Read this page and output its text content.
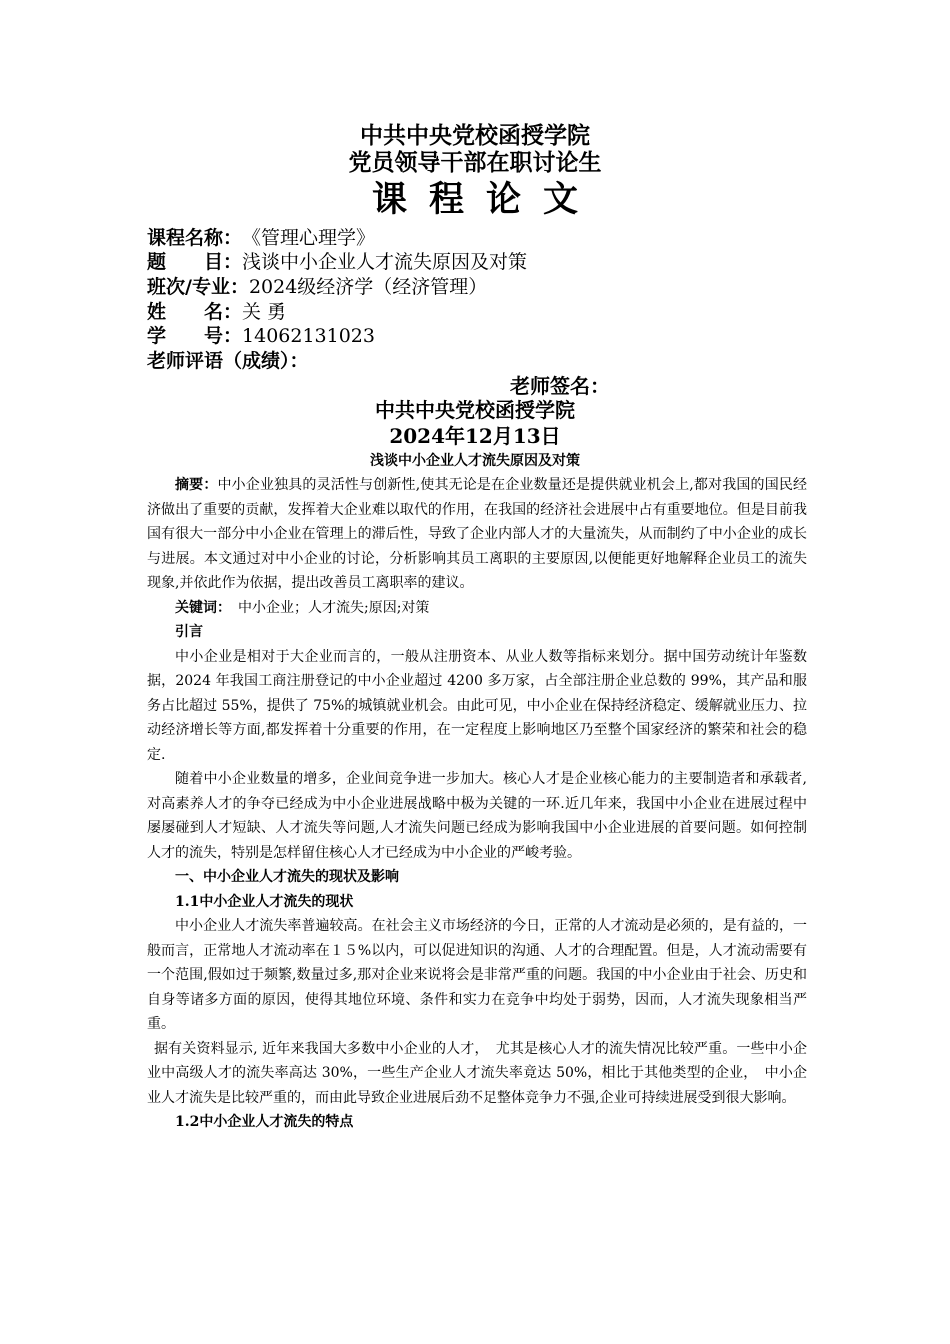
中共中央党校函授学院
党员领导干部在职讨论生
课程论文
课程名称：《管理心理学》
题　　目：浅谈中小企业人才流失原因及对策
班次/专业：2024级经济学（经济管理）
姓　　名：关 勇
学　　号：14062131023
老师评语（成绩）：
老师签名：
中共中央党校函授学院
2024年12月13日
浅谈中小企业人才流失原因及对策

摘要：中小企业独具的灵活性与创新性,使其无论是在企业数量还是提供就业机会上,都对我国的国民经济做出了重要的贡献，发挥着大企业难以取代的作用，在我国的经济社会进展中占有重要地位。但是目前我国有很大一部分中小企业在管理上的滞后性，导致了企业内部人才的大量流失，从而制约了中小企业的成长与进展。本文通过对中小企业的讨论，分析影响其员工离职的主要原因,以便能更好地解释企业员工的流失现象,并依此作为依据，提出改善员工离职率的建议。

关键词：　中小企业；人才流失;原因;对策

引言

中小企业是相对于大企业而言的，一般从注册资本、从业人数等指标来划分。据中国劳动统计年鉴数据，2024 年我国工商注册登记的中小企业超过 4200 多万家，占全部注册企业总数的 99%，其产品和服务占比超过 55%，提供了 75%的城镇就业机会。由此可见，中小企业在保持经济稳定、缓解就业压力、拉动经济增长等方面,都发挥着十分重要的作用，在一定程度上影响地区乃至整个国家经济的繁荣和社会的稳定.

随着中小企业数量的增多，企业间竞争进一步加大。核心人才是企业核心能力的主要制造者和承载者,对高素养人才的争夺已经成为中小企业进展战略中极为关键的一环.近几年来，我国中小企业在进展过程中屡屡碰到人才短缺、人才流失等问题,人才流失问题已经成为影响我国中小企业进展的首要问题。如何控制人才的流失，特别是怎样留住核心人才已经成为中小企业的严峻考验。

一、中小企业人才流失的现状及影响

1.1中小企业人才流失的现状

中小企业人才流失率普遍较高。在社会主义市场经济的今日，正常的人才流动是必须的，是有益的，一般而言，正常地人才流动率在１５%以内，可以促进知识的沟通、人才的合理配置。但是，人才流动需要有一个范围,假如过于频繁,数量过多,那对企业来说将会是非常严重的问题。我国的中小企业由于社会、历史和自身等诸多方面的原因，使得其地位环境、条件和实力在竞争中均处于弱势，因而，人才流失现象相当严重。

据有关资料显示, 近年来我国大多数中小企业的人才，　尤其是核心人才的流失情况比较严重。一些中小企业中高级人才的流失率高达 30%，一些生产企业人才流失率竟达 50%，相比于其他类型的企业，　中小企业人才流失是比较严重的，而由此导致企业进展后劲不足整体竞争力不强,企业可持续进展受到很大影响。

1.2中小企业人才流失的特点
